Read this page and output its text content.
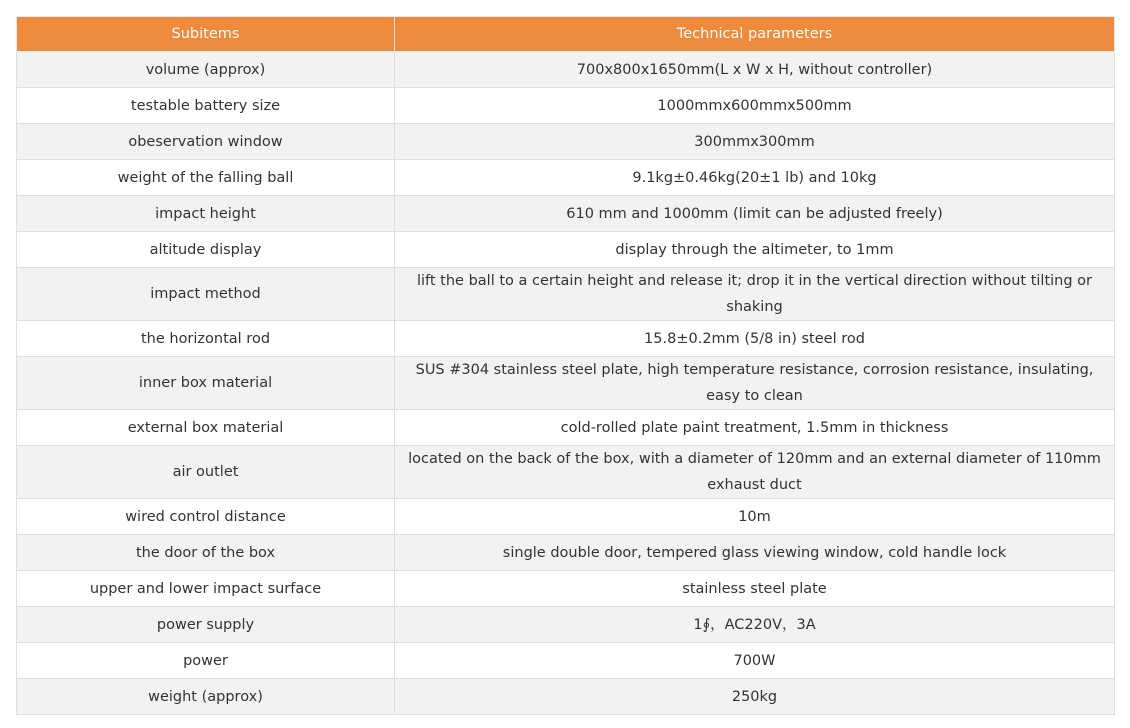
Subitems	Technical parameters
volume (approx)	700x800x1650mm(L x W x H, without controller)
testable battery size	1000mmx600mmx500mm
obeservation window	300mmx300mm
weight of the falling ball	9.1kg±0.46kg(20±1 lb) and 10kg
impact height	610 mm and 1000mm (limit can be adjusted freely)
altitude display	display through the altimeter, to 1mm
impact method	lift the ball to a certain height and release it; drop it in the vertical direction without tilting or shaking
the horizontal rod	15.8±0.2mm (5/8 in) steel rod
inner box material	SUS #304 stainless steel plate, high temperature resistance, corrosion resistance, insulating, easy to clean
external box material	cold-rolled plate paint treatment, 1.5mm in thickness
air outlet	located on the back of the box, with a diameter of 120mm and an external diameter of 110mm exhaust duct
wired control distance	10m
the door of the box	single double door, tempered glass viewing window, cold handle lock
upper and lower impact surface	stainless steel plate
power supply	1∮，AC220V，3A
power	700W
weight (approx)	250kg
